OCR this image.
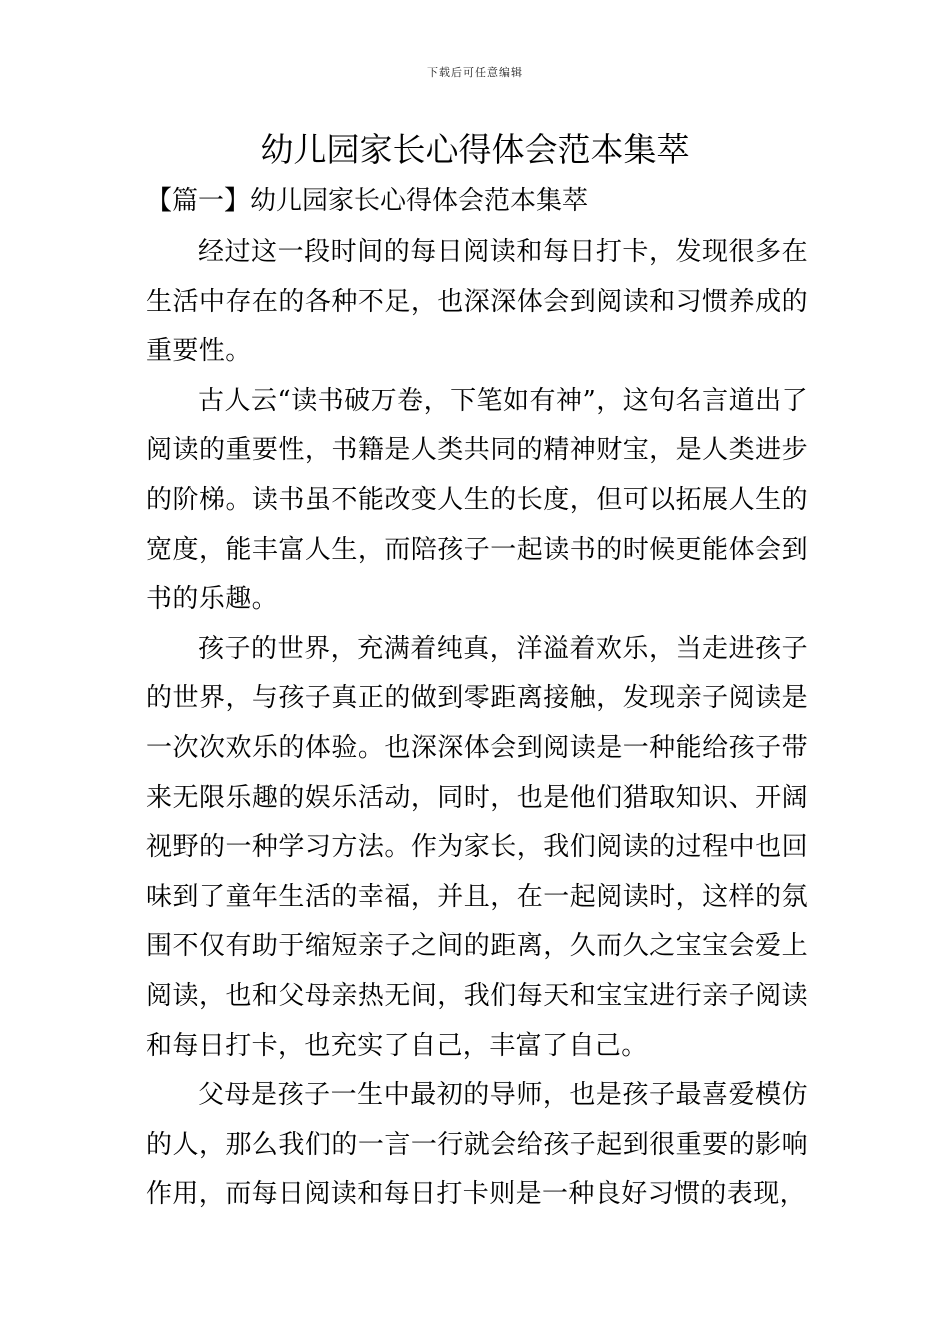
下载后可任意编辑
幼儿园家长心得体会范本集萃
【篇一】幼儿园家长心得体会范本集萃

经过这一段时间的每日阅读和每日打卡，发现很多在生活中存在的各种不足，也深深体会到阅读和习惯养成的重要性。

古人云“读书破万卷，下笔如有神”，这句名言道出了阅读的重要性，书籍是人类共同的精神财宝，是人类进步的阶梯。读书虽不能改变人生的长度，但可以拓展人生的宽度，能丰富人生，而陪孩子一起读书的时候更能体会到书的乐趣。

孩子的世界，充满着纯真，洋溢着欢乐，当走进孩子的世界，与孩子真正的做到零距离接触，发现亲子阅读是一次次欢乐的体验。也深深体会到阅读是一种能给孩子带来无限乐趣的娱乐活动，同时，也是他们猎取知识、开阔视野的一种学习方法。作为家长，我们阅读的过程中也回味到了童年生活的幸福，并且，在一起阅读时，这样的氛围不仅有助于缩短亲子之间的距离，久而久之宝宝会爱上阅读，也和父母亲热无间，我们每天和宝宝进行亲子阅读和每日打卡，也充实了自己，丰富了自己。

父母是孩子一生中最初的导师，也是孩子最喜爱模仿的人，那么我们的一言一行就会给孩子起到很重要的影响作用，而每日阅读和每日打卡则是一种良好习惯的表现，
